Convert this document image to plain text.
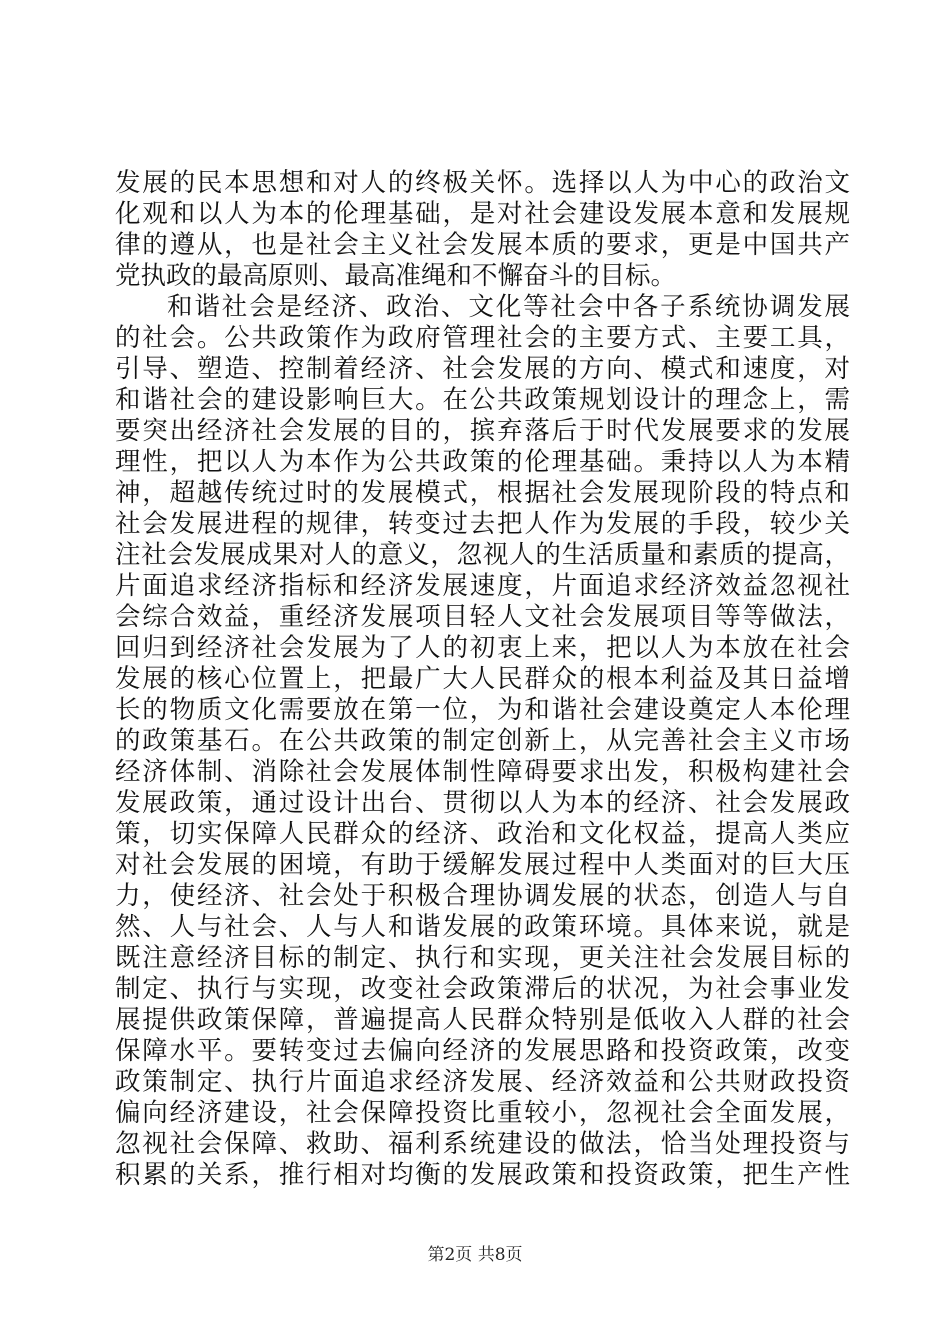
发展的民本思想和对人的终极关怀。选择以人为中心的政治文
化观和以人为本的伦理基础，是对社会建设发展本意和发展规
律的遵从，也是社会主义社会发展本质的要求，更是中国共产
党执政的最高原则、最高准绳和不懈奋斗的目标。
和谐社会是经济、政治、文化等社会中各子系统协调发展
的社会。公共政策作为政府管理社会的主要方式、主要工具，
引导、塑造、控制着经济、社会发展的方向、模式和速度，对
和谐社会的建设影响巨大。在公共政策规划设计的理念上，需
要突出经济社会发展的目的，摈弃落后于时代发展要求的发展
理性，把以人为本作为公共政策的伦理基础。秉持以人为本精
神，超越传统过时的发展模式，根据社会发展现阶段的特点和
社会发展进程的规律，转变过去把人作为发展的手段，较少关
注社会发展成果对人的意义，忽视人的生活质量和素质的提高，
片面追求经济指标和经济发展速度，片面追求经济效益忽视社
会综合效益，重经济发展项目轻人文社会发展项目等等做法，
回归到经济社会发展为了人的初衷上来，把以人为本放在社会
发展的核心位置上，把最广大人民群众的根本利益及其日益增
长的物质文化需要放在第一位，为和谐社会建设奠定人本伦理
的政策基石。在公共政策的制定创新上，从完善社会主义市场
经济体制、消除社会发展体制性障碍要求出发，积极构建社会
发展政策，通过设计出台、贯彻以人为本的经济、社会发展政
策，切实保障人民群众的经济、政治和文化权益，提高人类应
对社会发展的困境，有助于缓解发展过程中人类面对的巨大压
力，使经济、社会处于积极合理协调发展的状态，创造人与自
然、人与社会、人与人和谐发展的政策环境。具体来说，就是
既注意经济目标的制定、执行和实现，更关注社会发展目标的
制定、执行与实现，改变社会政策滞后的状况，为社会事业发
展提供政策保障，普遍提高人民群众特别是低收入人群的社会
保障水平。要转变过去偏向经济的发展思路和投资政策，改变
政策制定、执行片面追求经济发展、经济效益和公共财政投资
偏向经济建设，社会保障投资比重较小，忽视社会全面发展，
忽视社会保障、救助、福利系统建设的做法，恰当处理投资与
积累的关系，推行相对均衡的发展政策和投资政策，把生产性
第2页 共8页
